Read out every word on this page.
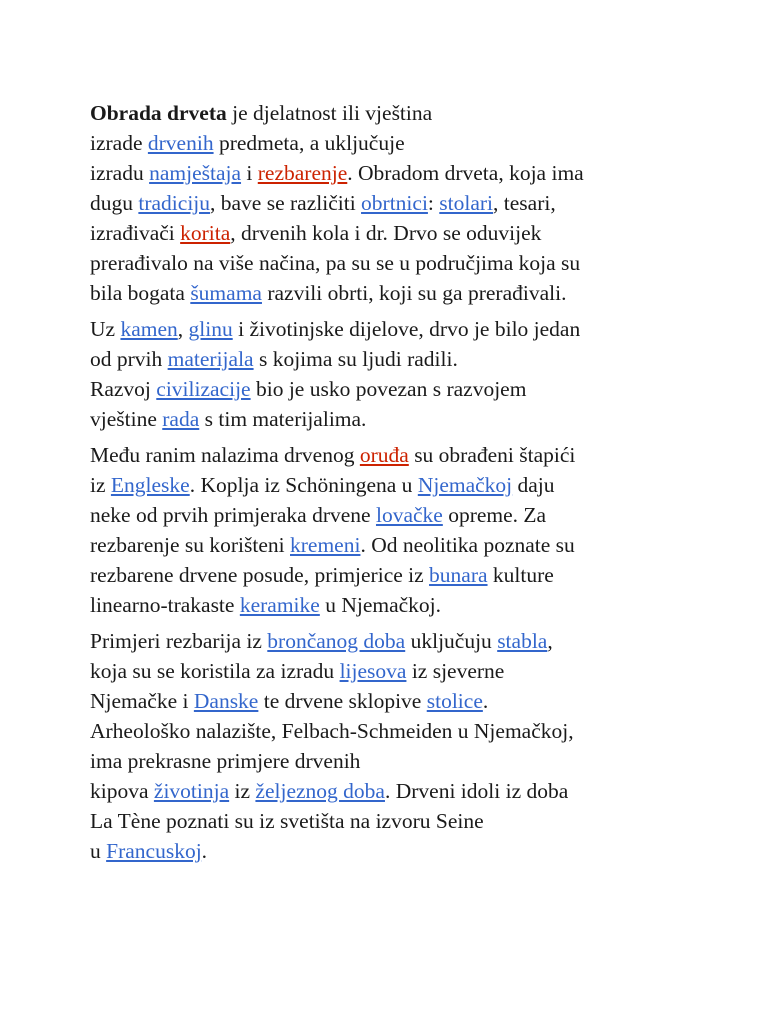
Obrada drveta je djelatnost ili vještina
izrade drvenih predmeta, a uključuje
izradu namještaja i rezbarenje. Obradom drveta, koja ima
dugu tradiciju, bave se različiti obrtnici: stolari, tesari,
izrađivači korita, drvenih kola i dr. Drvo se oduvijek
prerađivalo na više načina, pa su se u područjima koja su
bila bogata šumama razvili obrti, koji su ga prerađivali.
Uz kamen, glinu i životinjske dijelove, drvo je bilo jedan
od prvih materijala s kojima su ljudi radili.
Razvoj civilizacije bio je usko povezan s razvojem
vještine rada s tim materijalima.
Među ranim nalazima drvenog oruđa su obrađeni štapići
iz Engleske. Koplja iz Schöningena u Njemačkoj daju
neke od prvih primjeraka drvene lovačke opreme. Za
rezbarenje su korišteni kremeni. Od neolitika poznate su
rezbarene drvene posude, primjerice iz bunara kulture
linearno-trakaste keramike u Njemačkoj.
Primjeri rezbarija iz brončanog doba uključuju stabla,
koja su se koristila za izradu lijesova iz sjeverne
Njemačke i Danske te drvene sklopive stolice.
Arheološko nalazište, Felbach-Schmeiden u Njemačkoj,
ima prekrasne primjere drvenih
kipova životinja iz željeznog doba. Drveni idoli iz doba
La Tène poznati su iz svetišta na izvoru Seine
u Francuskoj.
